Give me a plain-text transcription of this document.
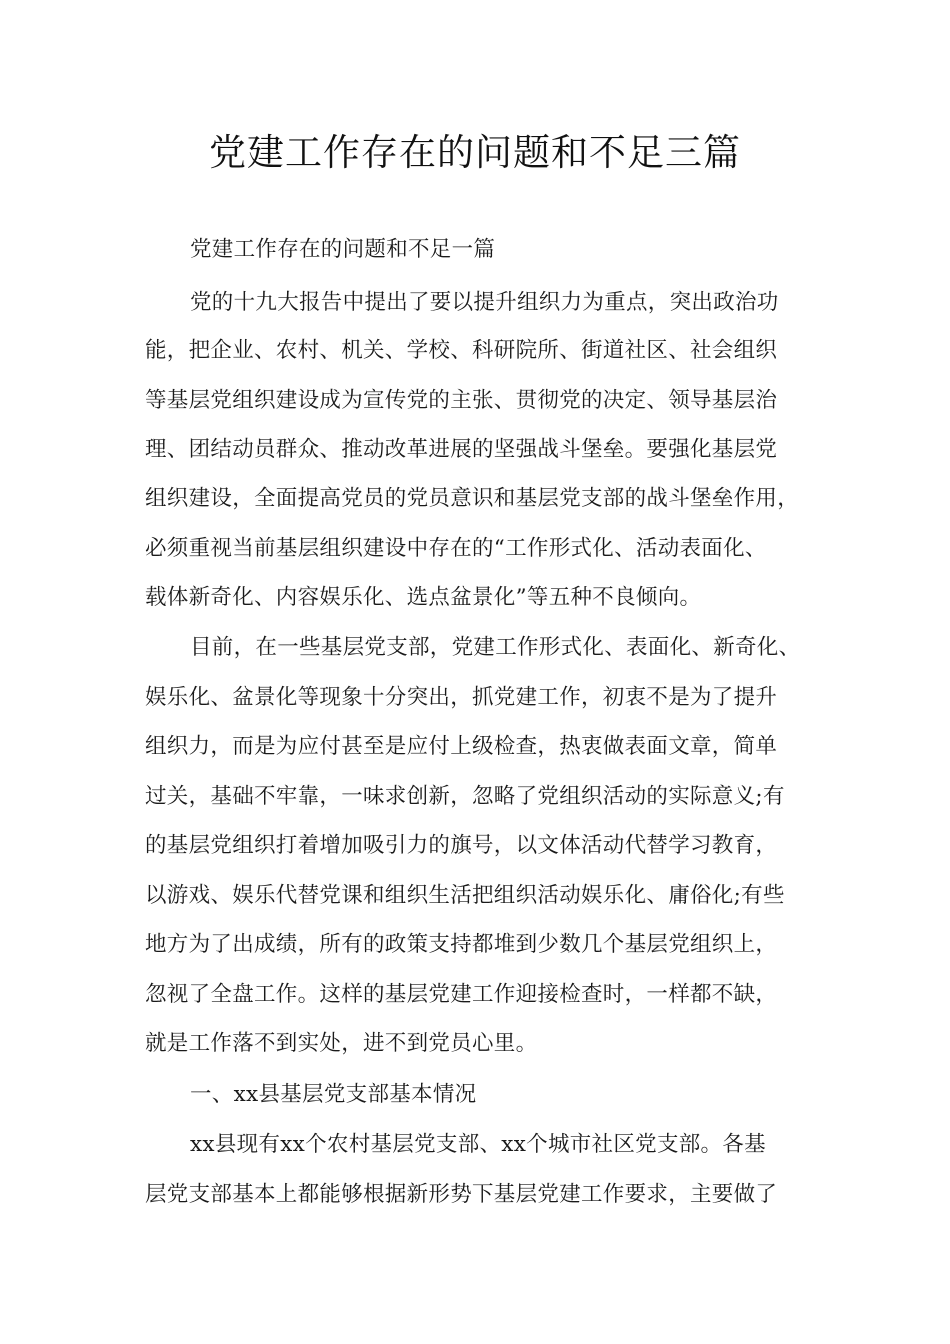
党建工作存在的问题和不足三篇
党建工作存在的问题和不足一篇
党的十九大报告中提出了要以提升组织力为重点，突出政治功
能，把企业、农村、机关、学校、科研院所、街道社区、社会组织
等基层党组织建设成为宣传党的主张、贯彻党的决定、领导基层治
理、团结动员群众、推动改革进展的坚强战斗堡垒。要强化基层党
组织建设，全面提高党员的党员意识和基层党支部的战斗堡垒作用，
必须重视当前基层组织建设中存在的“工作形式化、活动表面化、
载体新奇化、内容娱乐化、选点盆景化”等五种不良倾向。
目前，在一些基层党支部，党建工作形式化、表面化、新奇化、
娱乐化、盆景化等现象十分突出，抓党建工作，初衷不是为了提升
组织力，而是为应付甚至是应付上级检查，热衷做表面文章，简单
过关，基础不牢靠，一味求创新，忽略了党组织活动的实际意义;有
的基层党组织打着增加吸引力的旗号，以文体活动代替学习教育，
以游戏、娱乐代替党课和组织生活把组织活动娱乐化、庸俗化;有些
地方为了出成绩，所有的政策支持都堆到少数几个基层党组织上，
忽视了全盘工作。这样的基层党建工作迎接检查时，一样都不缺，
就是工作落不到实处，进不到党员心里。
一、xx县基层党支部基本情况
xx县现有xx个农村基层党支部、xx个城市社区党支部。各基
层党支部基本上都能够根据新形势下基层党建工作要求，主要做了
